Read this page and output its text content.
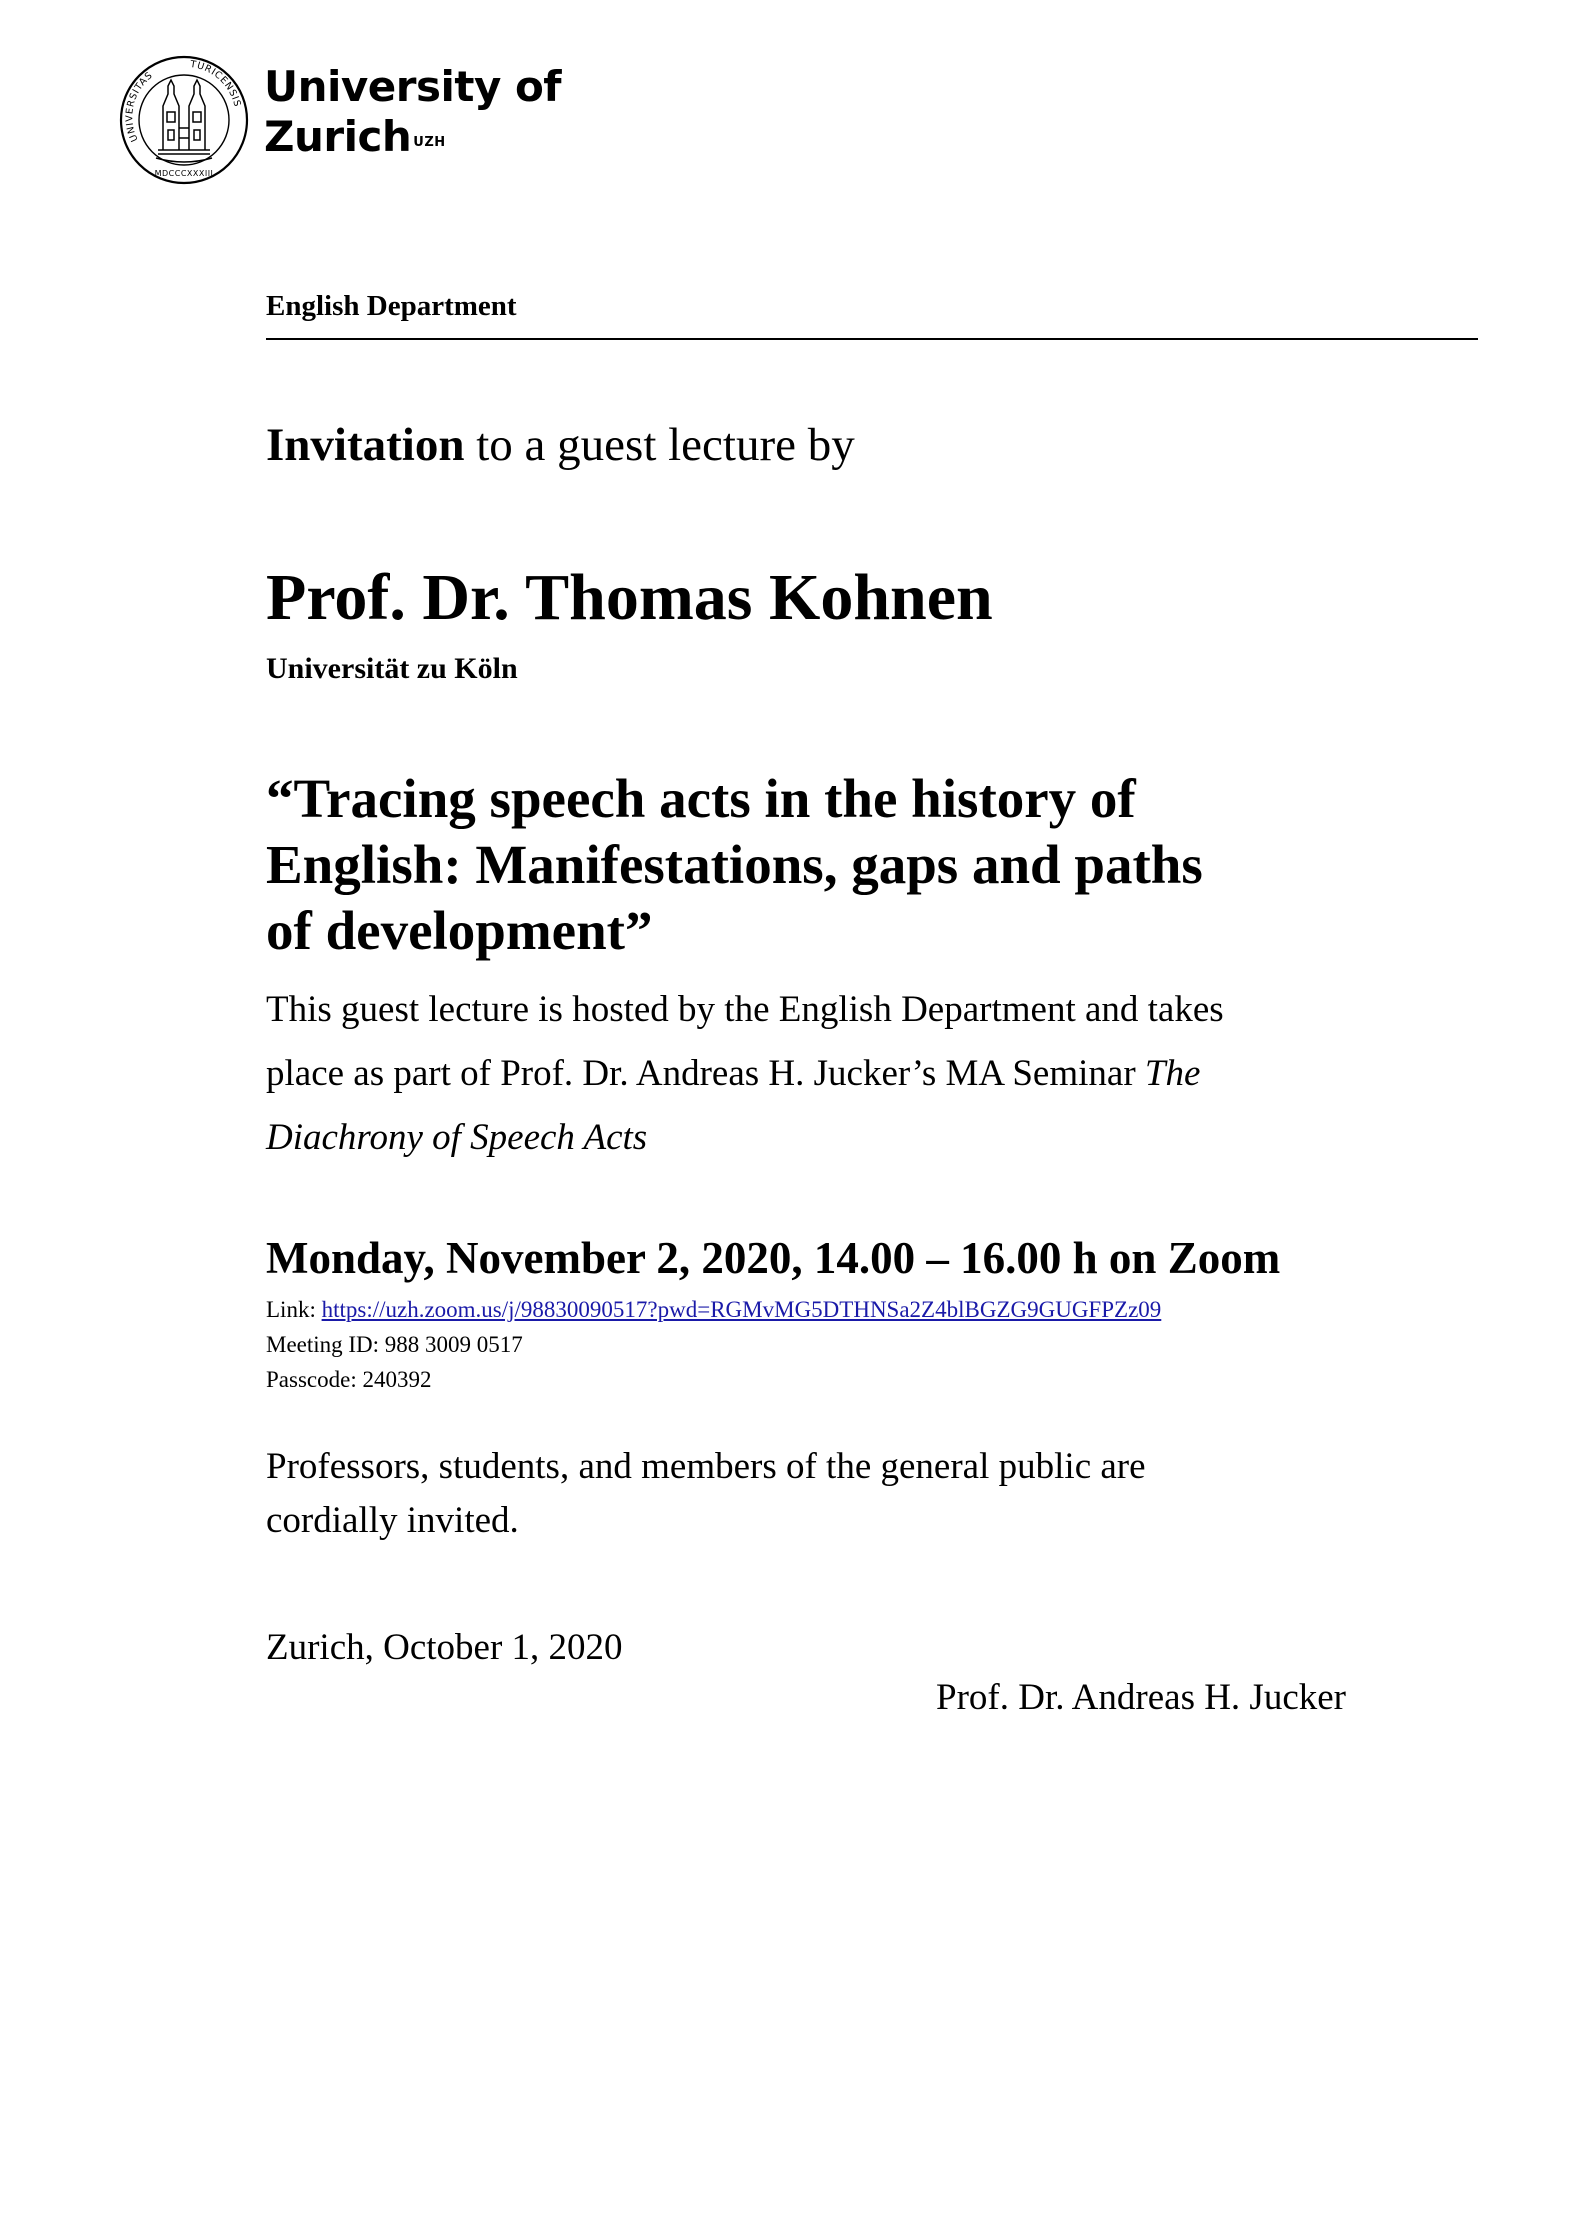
UNIVERSITAS
TURICENSIS
MDCCCXXXIII
University of
Zurich $^{UZH}$
English Department
Invitation to a guest lecture by
Prof. Dr. Thomas Kohnen
Universität zu Köln
“Tracing speech acts in the history of
English: Manifestations, gaps and paths
of development”
This guest lecture is hosted by the English Department and takes
place as part of Prof. Dr. Andreas H. Jucker’s MA Seminar The
Diachrony of Speech Acts
Monday, November 2, 2020, 14.00 – 16.00 h on Zoom
Link: https://uzh.zoom.us/j/98830090517?pwd=RGMvMG5DTHNSa2Z4blBGZG9GUGFPZz09
Meeting ID: 988 3009 0517
Passcode: 240392
Professors, students, and members of the general public are
cordially invited.
Zurich, October 1, 2020
Prof. Dr. Andreas H. Jucker
